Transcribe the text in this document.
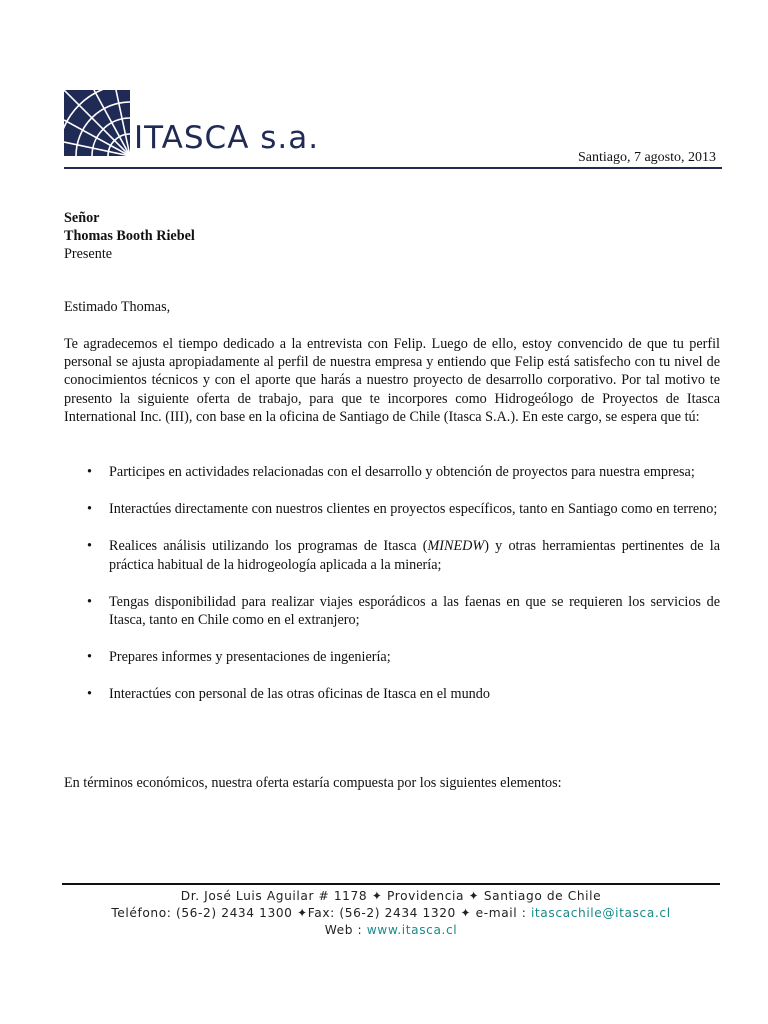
ITASCA s.a.
Santiago, 7 agosto, 2013
Señor
Thomas Booth Riebel
Presente
Estimado Thomas,

Te agradecemos el tiempo dedicado a la entrevista con Felip. Luego de ello, estoy convencido de que tu perfil personal se ajusta apropiadamente al perfil de nuestra empresa y entiendo que Felip está satisfecho con tu nivel de conocimientos técnicos y con el aporte que harás a nuestro proyecto de desarrollo corporativo. Por tal motivo te presento la siguiente oferta de trabajo, para que te incorpores como Hidrogeólogo de Proyectos de Itasca International Inc. (III), con base en la oficina de Santiago de Chile (Itasca S.A.). En este cargo, se espera que tú:

• Participes en actividades relacionadas con el desarrollo y obtención de proyectos para nuestra empresa;
• Interactúes directamente con nuestros clientes en proyectos específicos, tanto en Santiago como en terreno;
• Realices análisis utilizando los programas de Itasca (MINEDW) y otras herramientas pertinentes de la práctica habitual de la hidrogeología aplicada a la minería;
• Tengas disponibilidad para realizar viajes esporádicos a las faenas en que se requieren los servicios de Itasca, tanto en Chile como en el extranjero;
• Prepares informes y presentaciones de ingeniería;
• Interactúes con personal de las otras oficinas de Itasca en el mundo
En términos económicos, nuestra oferta estaría compuesta por los siguientes elementos:
Dr. José Luis Aguilar # 1178 ✦ Providencia ✦ Santiago de Chile
Teléfono: (56-2) 2434 1300 ✦Fax: (56-2) 2434 1320 ✦ e-mail : itascachile@itasca.cl
Web : www.itasca.cl
